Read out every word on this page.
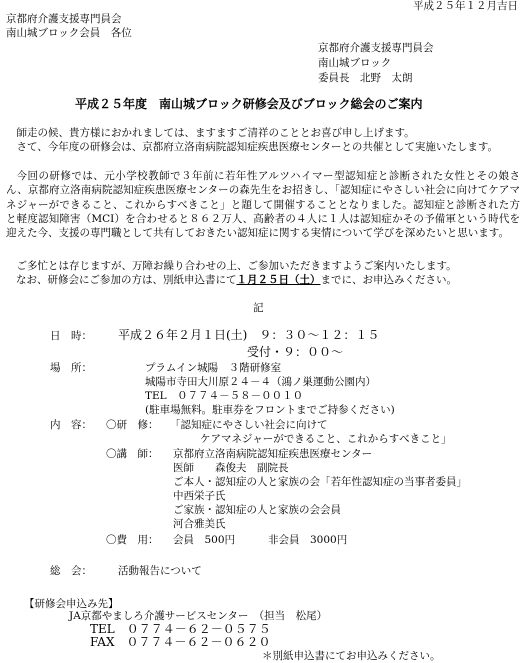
平成２５年１２月吉日
京都府介護支援専門員会
南山城ブロック会員　各位
京都府介護支援専門員会
南山城ブロック
委員長　北野　太朗
平成２５年度　南山城ブロック研修会及びブロック総会のご案内
師走の候、貴方様におかれましては、ますますご清祥のこととお喜び申し上げます。
さて、今年度の研修会は、京都府立洛南病院認知症疾患医療センターとの共催として実施いたします。
今回の研修では、元小学校教師で３年前に若年性アルツハイマー型認知症と診断された女性とその娘さん、京都府立洛南病院認知症疾患医療センターの森先生をお招きし、「認知症にやさしい社会に向けてケアマネジャーができること、これからすべきこと」と題して開催することとなりました。認知症と診断された方と軽度認知障害（MCI）を合わせると８６２万人、高齢者の４人に１人は認知症かその予備軍という時代を迎えた今、支援の専門職として共有しておきたい認知症に関する実情について学びを深めたいと思います。
ご多忙とは存じますが、万障お繰り合わせの上、ご参加いただきますようご案内いたします。
なお、研修会にご参加の方は、別紙申込書にて１月２５日（土）までに、お申込みください。
記
日　時： 平成２６年２月１日(土)　９：３０～１２：１５
受付・９：００～
場　所：	プラムイン城陽　３階研修室
城陽市寺田大川原２４－４（鴻ノ巣運動公園内）
TEL　０７７４－５８－００１０
(駐車場無料。駐車券をフロントまでご持参ください)
内　容： 〇研　修： 「認知症にやさしい社会に向けて
ケアマネジャーができること、これからすべきこと」
〇講　師： 京都府立洛南病院認知症疾患医療センター
医師　　森俊夫　副院長
ご本人・認知症の人と家族の会「若年性認知症の当事者委員」
中西栄子氏
ご家族・認知症の人と家族の会会員
河合雅美氏
〇費　用： 会員　500円	非会員　3000円
総　会： 活動報告について
【研修会申込み先】
JA京都やましろ介護サービスセンター　（担当　松尾）
TEL　０７７４－６２－０５７５
FAX　０７７４－６２－０６２０
＊別紙申込書にてお申込みください。
